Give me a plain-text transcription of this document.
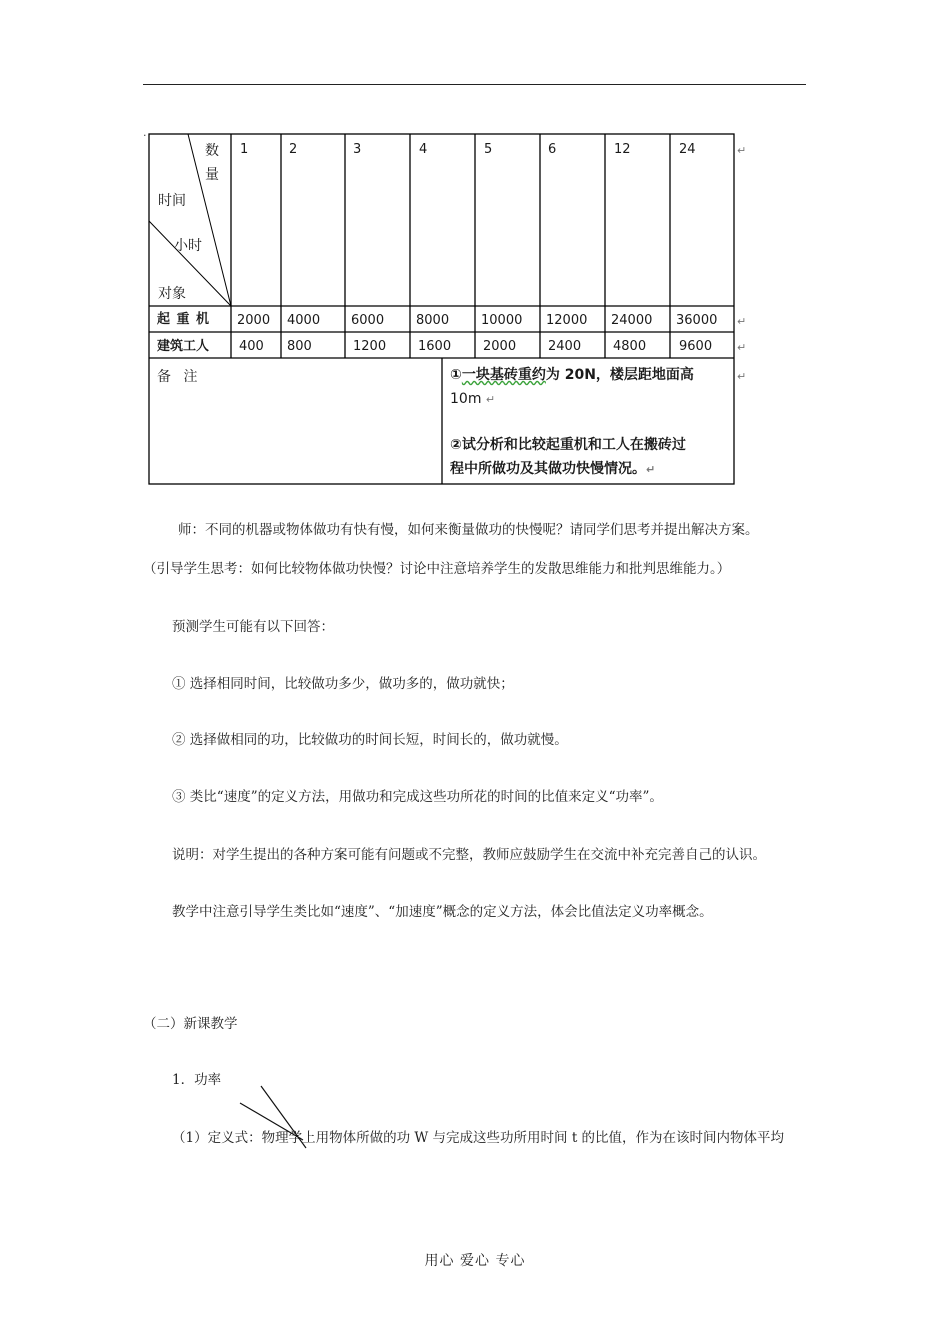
.
数
量
时间
小时
对象
1	2	3	4	5	6	12	24	↵
起 重 机 2000 4000 6000 8000 10000 12000 24000 36000 ↵
建筑工人 400 800	1200 1600 2000 2400 4800	9600 ↵
备 注	①一块基砖重约为 20N，楼层距地面高	↵
10m ↵
②试分析和比较起重机和工人在搬砖过
程中所做功及其做功快慢情况。↵
师：不同的机器或物体做功有快有慢，如何来衡量做功的快慢呢？请同学们思考并提出解决方案。
（引导学生思考：如何比较物体做功快慢？讨论中注意培养学生的发散思维能力和批判思维能力。）
预测学生可能有以下回答：
① 选择相同时间，比较做功多少，做功多的，做功就快；
② 选择做相同的功，比较做功的时间长短，时间长的，做功就慢。
③ 类比“速度”的定义方法，用做功和完成这些功所花的时间的比值来定义“功率”。
说明：对学生提出的各种方案可能有问题或不完整，教师应鼓励学生在交流中补充完善自己的认识。
教学中注意引导学生类比如“速度”、“加速度”概念的定义方法，体会比值法定义功率概念。
（二）新课教学
1．功率
（1）定义式：物理学上用物体所做的功 W 与完成这些功所用时间 t 的比值，作为在该时间内物体平均
用心 爱心 专心
